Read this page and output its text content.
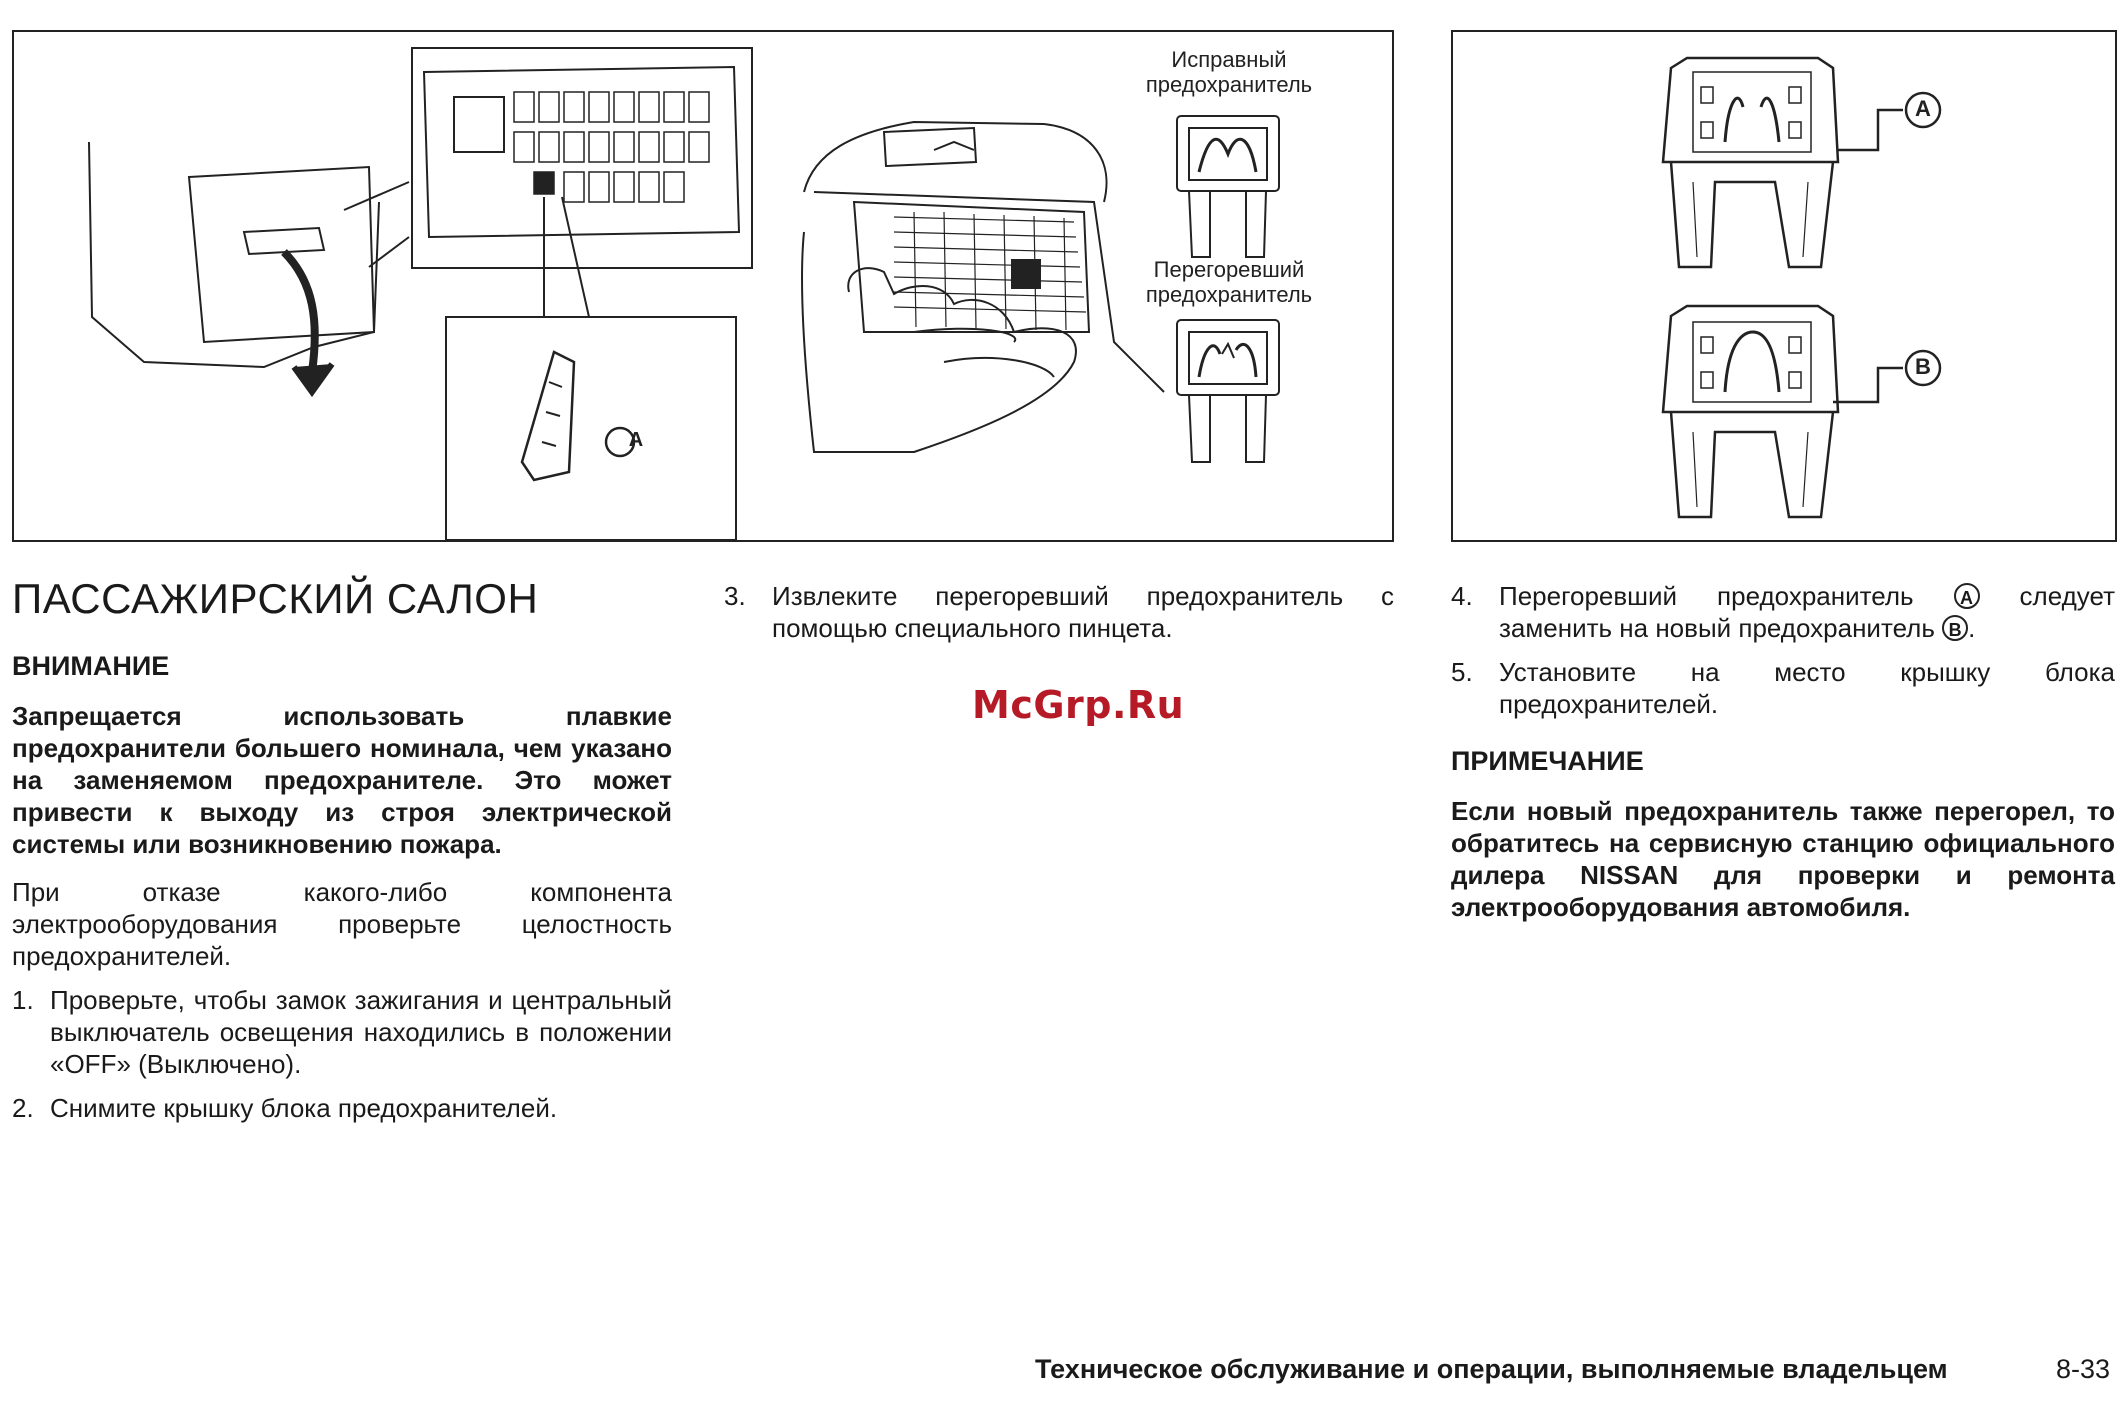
A
Исправный
предохранитель
Перегоревший
предохранитель
A
B
ПАССАЖИРСКИЙ САЛОН
ВНИМАНИЕ
Запрещается использовать плавкие предохранители большего номинала, чем указано на заменяемом предохранителе. Это может привести к выходу из строя электрической системы или возникновению пожара.
При отказе какого-либо компонента электрооборудования проверьте целостность предохранителей.
1. Проверьте, чтобы замок зажигания и центральный выключатель освещения находились в положении «OFF» (Выключено).
2. Снимите крышку блока предохранителей.
3.	Извлеките перегоревший предохранитель с помощью специального пинцета.
McGrp.Ru
4.	Перегоревший предохранитель	A следует заменить на новый предохранитель B .
5.	Установите на место крышку блока предохранителей.
ПРИМЕЧАНИЕ
Если новый предохранитель также перегорел, то обратитесь на сервисную станцию официального дилера NISSAN для проверки и ремонта электрооборудования автомобиля.
Техническое обслуживание и операции, выполняемые владельцем	8-33
